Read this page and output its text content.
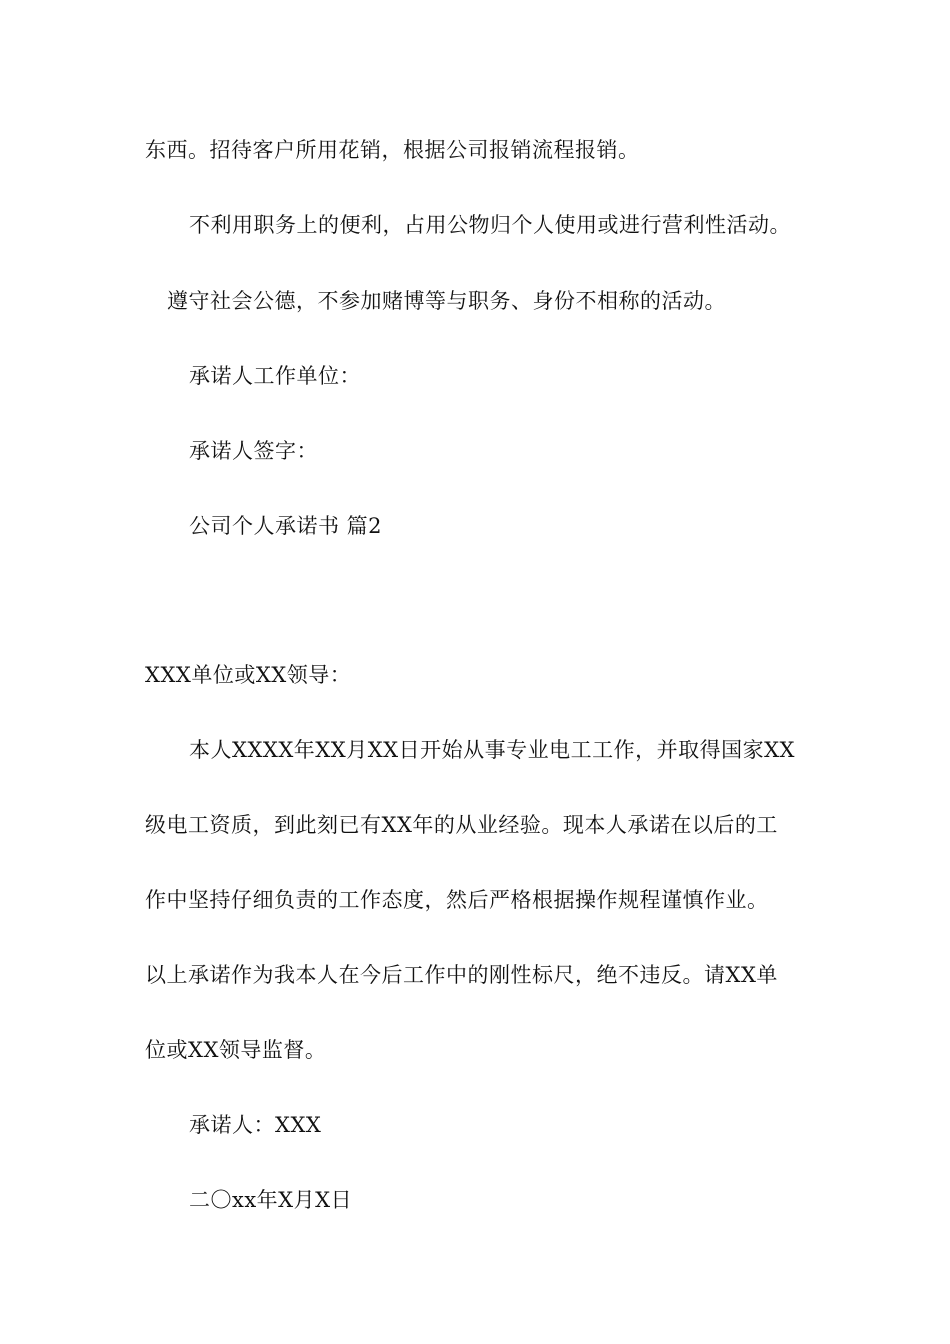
东西。招待客户所用花销，根据公司报销流程报销。
不利用职务上的便利，占用公物归个人使用或进行营利性活动。
遵守社会公德，不参加赌博等与职务、身份不相称的活动。
承诺人工作单位：
承诺人签字：
公司个人承诺书 篇2
XXX单位或XX领导：
本人XXXX年XX月XX日开始从事专业电工工作，并取得国家XX
级电工资质，到此刻已有XX年的从业经验。现本人承诺在以后的工
作中坚持仔细负责的工作态度，然后严格根据操作规程谨慎作业。
以上承诺作为我本人在今后工作中的刚性标尺，绝不违反。请XX单
位或XX领导监督。
承诺人：XXX
二〇xx年X月X日
